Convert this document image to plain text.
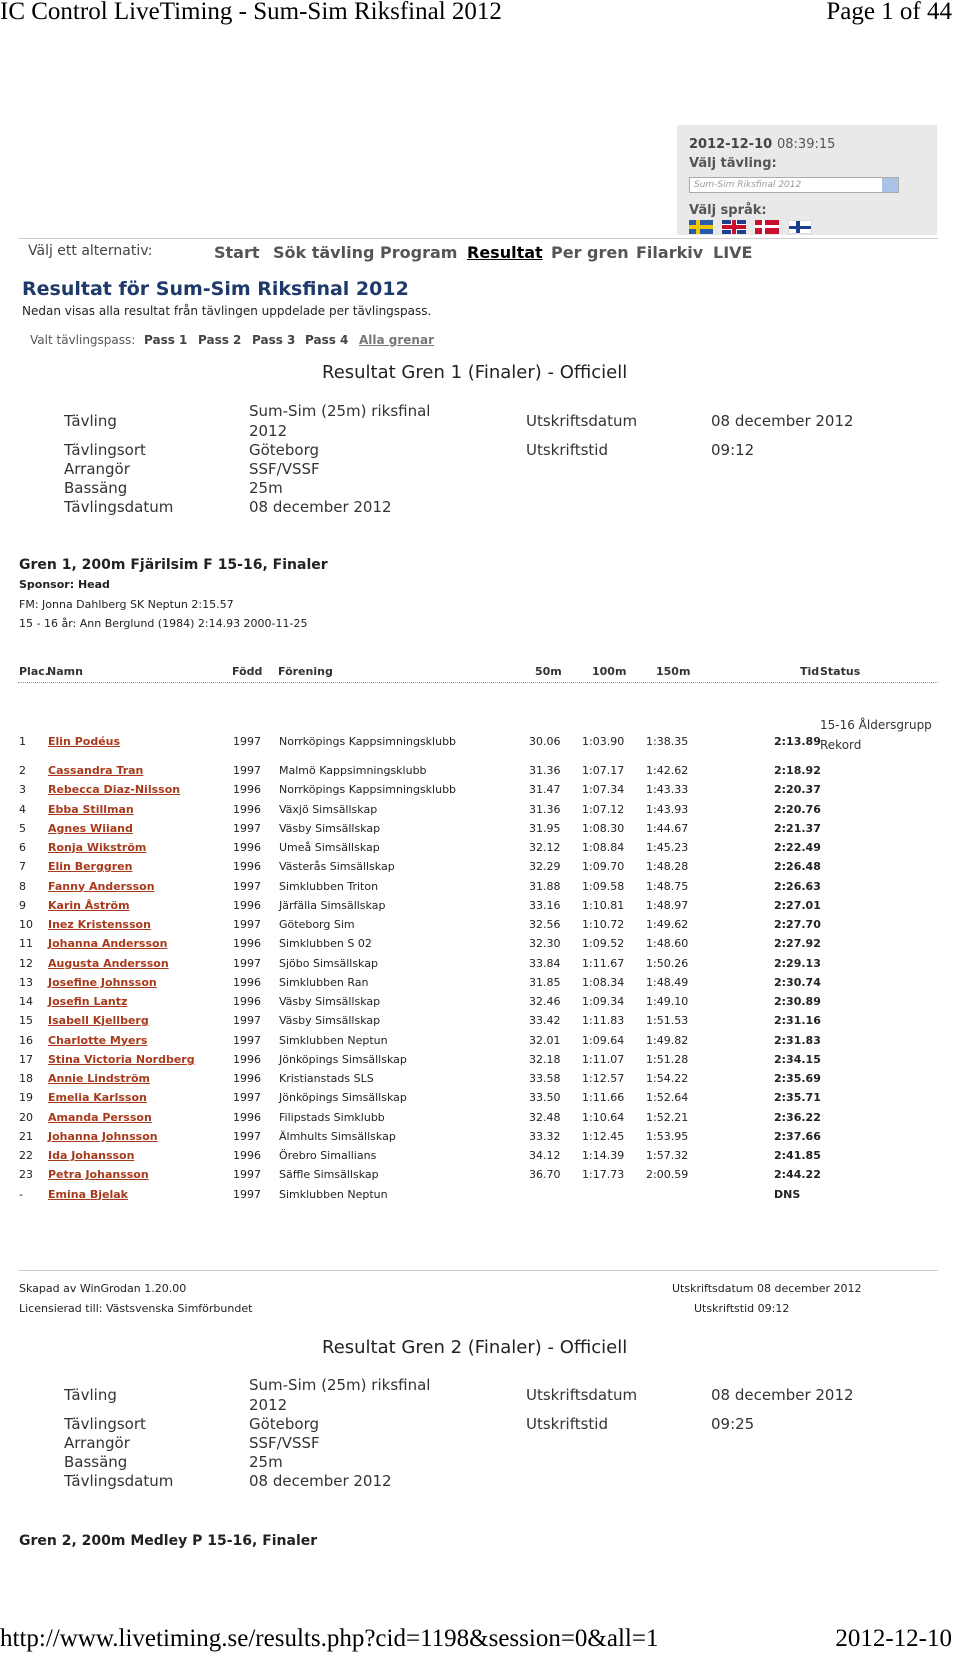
IC Control LiveTiming - Sum-Sim Riksfinal 2012	Page 1 of 44
2012-12-10 08:39:15
Välj tävling:
Sum-Sim Riksfinal 2012
Välj språk:
Välj ett alternativ:	Start Sök tävling Program Resultat Per gren Filarkiv LIVE
Resultat för Sum-Sim Riksfinal 2012
Nedan visas alla resultat från tävlingen uppdelade per tävlingspass.
Valt tävlingspass: Pass 1 Pass 2 Pass 3 Pass 4 Alla grenar
Resultat Gren 1 (Finaler) - Officiell
Tävling
Sum-Sim (25m) riksfinal
2012
Utskriftsdatum	08 december 2012
Tävlingsort	Göteborg	Utskriftstid	09:12
Arrangör	SSF/VSSF
Bassäng	25m
Tävlingsdatum	08 december 2012
Gren 1, 200m Fjärilsim F 15-16, Finaler
Sponsor: Head
FM: Jonna Dahlberg SK Neptun 2:15.57
15 - 16 år: Ann Berglund (1984) 2:14.93 2000-11-25
Plac.
Namn	Född Förening	50m	100m	150m	Tid Status
1 Elin Podéus	1997 Norrköpings Kappsimningsklubb	30.06 1:03.90 1:38.35	2:13.89
15-16 Åldersgrupp
Rekord
2 Cassandra Tran	1997 Malmö Kappsimningsklubb	31.36 1:07.17 1:42.62	2:18.92
3 Rebecca Diaz-Nilsson	1996 Norrköpings Kappsimningsklubb	31.47 1:07.34 1:43.33	2:20.37
4 Ebba Stillman	1996 Växjö Simsällskap	31.36 1:07.12 1:43.93	2:20.76
5 Agnes Wiiand	1997 Väsby Simsällskap	31.95 1:08.30 1:44.67	2:21.37
6 Ronja Wikström	1996 Umeå Simsällskap	32.12 1:08.84 1:45.23	2:22.49
7 Elin Berggren	1996 Västerås Simsällskap	32.29 1:09.70 1:48.28	2:26.48
8 Fanny Andersson	1997 Simklubben Triton	31.88 1:09.58 1:48.75	2:26.63
9 Karin Åström	1996 Järfälla Simsällskap	33.16 1:10.81 1:48.97	2:27.01
10 Inez Kristensson	1997 Göteborg Sim	32.56 1:10.72 1:49.62	2:27.70
11 Johanna Andersson	1996 Simklubben S 02	32.30 1:09.52 1:48.60	2:27.92
12 Augusta Andersson	1997 Sjöbo Simsällskap	33.84 1:11.67 1:50.26	2:29.13
13 Josefine Johnsson	1996 Simklubben Ran	31.85 1:08.34 1:48.49	2:30.74
14 Josefin Lantz	1996 Väsby Simsällskap	32.46 1:09.34 1:49.10	2:30.89
15 Isabell Kjellberg	1997 Väsby Simsällskap	33.42 1:11.83 1:51.53	2:31.16
16 Charlotte Myers	1997 Simklubben Neptun	32.01 1:09.64 1:49.82	2:31.83
17 Stina Victoria Nordberg	1996 Jönköpings Simsällskap	32.18 1:11.07 1:51.28	2:34.15
18 Annie Lindström	1996 Kristianstads SLS	33.58 1:12.57 1:54.22	2:35.69
19 Emelia Karlsson	1997 Jönköpings Simsällskap	33.50 1:11.66 1:52.64	2:35.71
20 Amanda Persson	1996 Filipstads Simklubb	32.48 1:10.64 1:52.21	2:36.22
21 Johanna Johnsson	1997 Älmhults Simsällskap	33.32 1:12.45 1:53.95	2:37.66
22 Ida Johansson	1996 Örebro Simallians	34.12 1:14.39 1:57.32	2:41.85
23 Petra Johansson	1997 Säffle Simsällskap	36.70 1:17.73 2:00.59	2:44.22
- Emina Bjelak	1997 Simklubben Neptun	DNS
Skapad av WinGrodan 1.20.00
Licensierad till: Västsvenska Simförbundet
Utskriftsdatum 08 december 2012
Utskriftstid 09:12
Resultat Gren 2 (Finaler) - Officiell
Tävling
Sum-Sim (25m) riksfinal
2012
Utskriftsdatum	08 december 2012
Tävlingsort	Göteborg	Utskriftstid	09:25
Arrangör	SSF/VSSF
Bassäng	25m
Tävlingsdatum	08 december 2012
Gren 2, 200m Medley P 15-16, Finaler
http://www.livetiming.se/results.php?cid=1198&session=0&all=1	2012-12-10
